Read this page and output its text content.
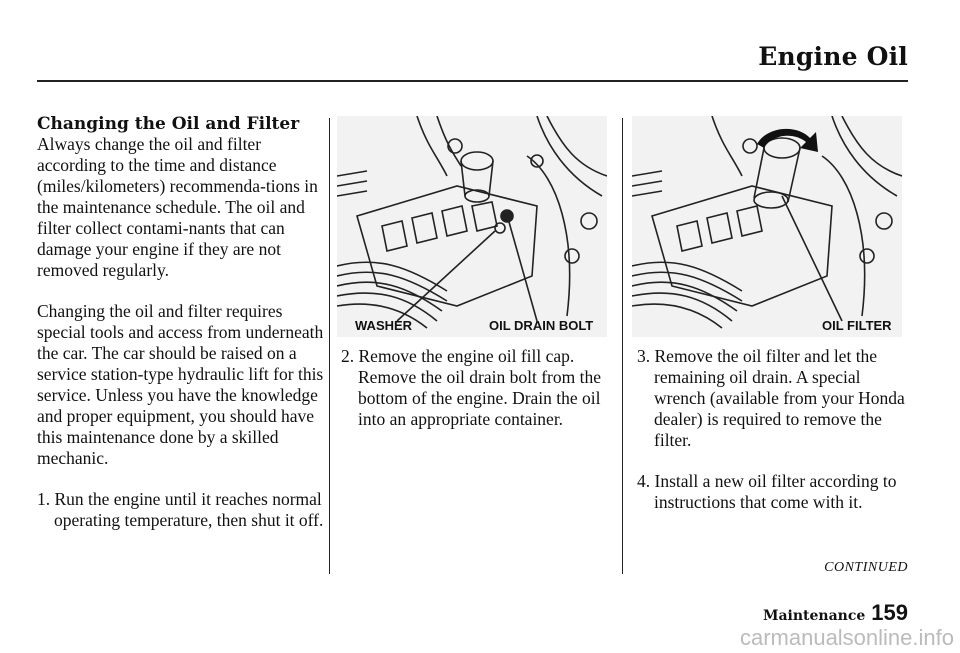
Engine Oil
Changing the Oil and Filter

Always change the oil and filter according to the time and distance (miles/kilometers) recommenda-tions in the maintenance schedule. The oil and filter collect contami-nants that can damage your engine if they are not removed regularly.

Changing the oil and filter requires special tools and access from underneath the car. The car should be raised on a service station-type hydraulic lift for this service. Unless you have the knowledge and proper equipment, you should have this maintenance done by a skilled mechanic.

1. Run the engine until it reaches normal operating temperature, then shut it off.

WASHER	OIL DRAIN BOLT	OIL FILTER

2. Remove the engine oil fill cap. Remove the oil drain bolt from the bottom of the engine. Drain the oil into an appropriate container.

3. Remove the oil filter and let the remaining oil drain. A special wrench (available from your Honda dealer) is required to remove the filter.

4. Install a new oil filter according to instructions that come with it.

CONTINUED
Maintenance 159
carmanualsonline.info
